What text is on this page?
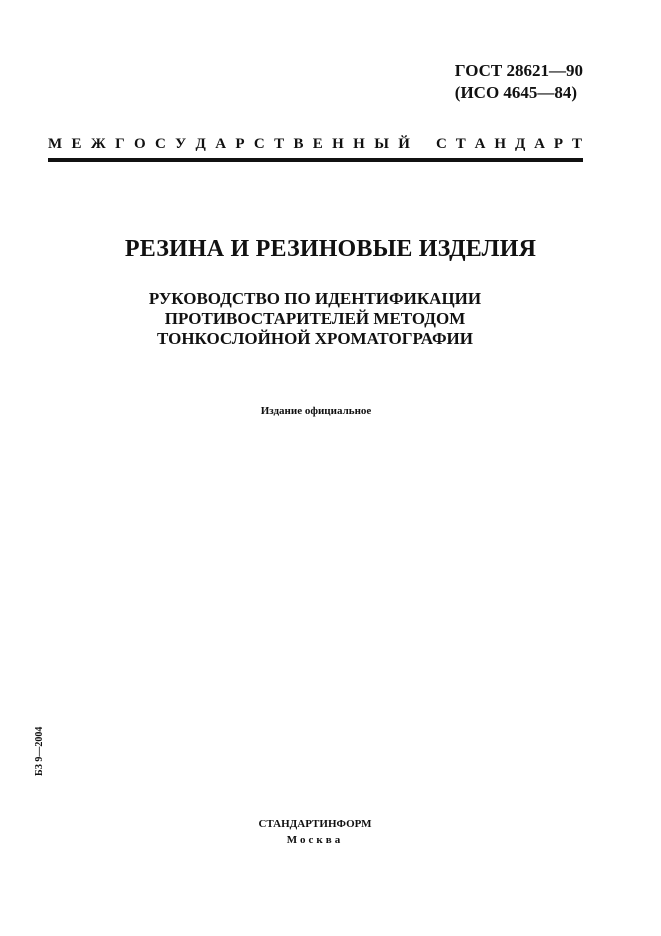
ГОСТ 28621—90
(ИСО 4645—84)
М Е Ж Г О С У Д А Р С Т В Е Н Н Ы Й С Т А Н Д А Р Т
РЕЗИНА И РЕЗИНОВЫЕ ИЗДЕЛИЯ
РУКОВОДСТВО ПО ИДЕНТИФИКАЦИИ
ПРОТИВОСТАРИТЕЛЕЙ МЕТОДОМ
ТОНКОСЛОЙНОЙ ХРОМАТОГРАФИИ
Издание официальное
БЗ 9—2004
СТАНДАРТИНФОРМ
Москва
